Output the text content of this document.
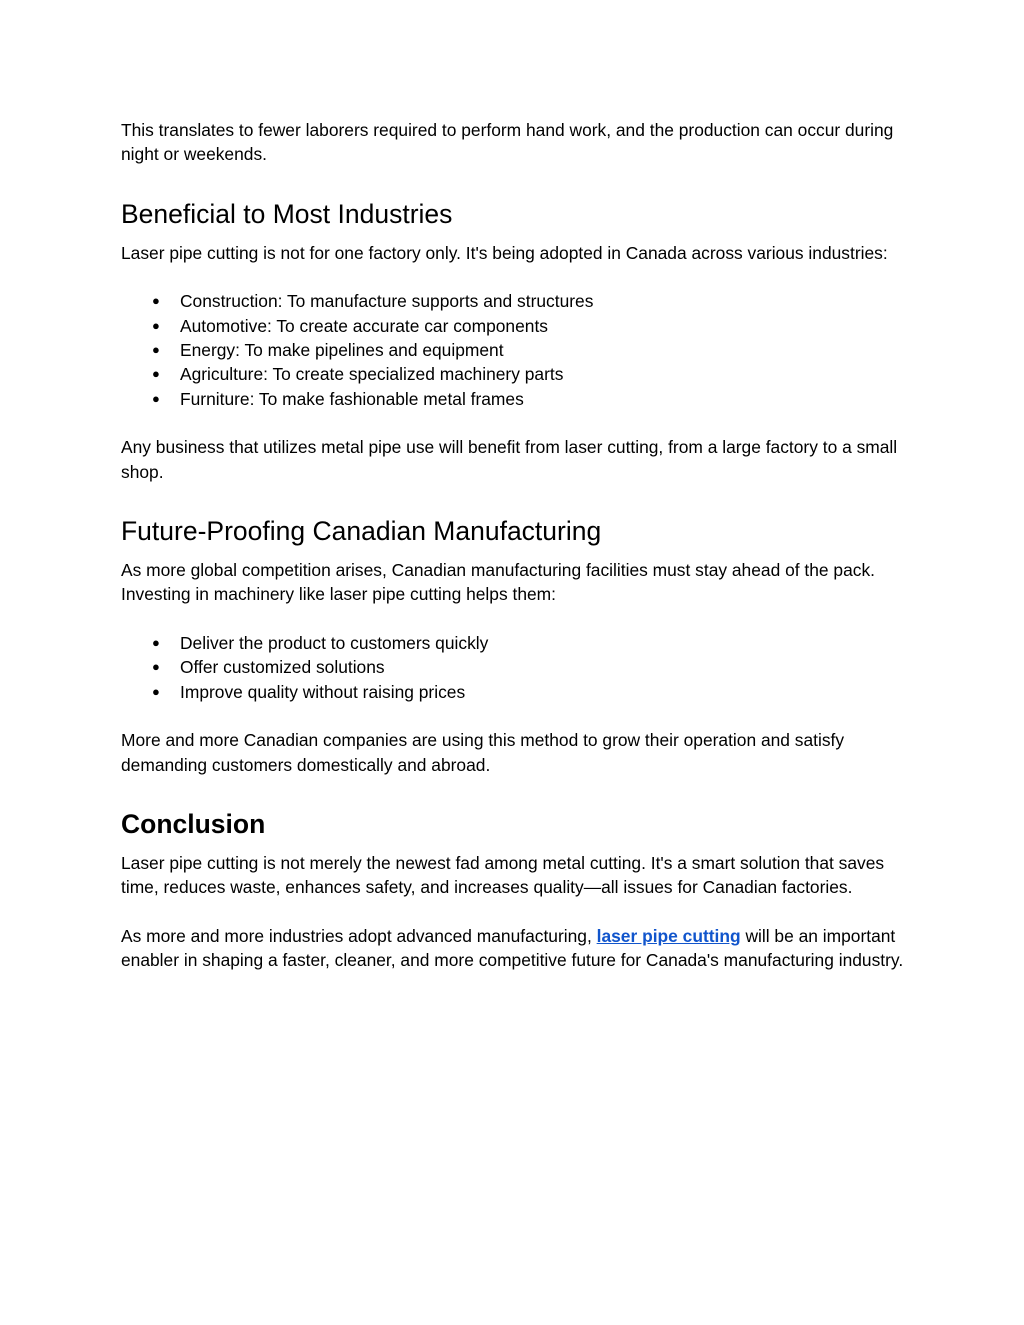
This translates to fewer laborers required to perform hand work, and the production can occur during night or weekends.

Beneficial to Most Industries

Laser pipe cutting is not for one factory only. It's being adopted in Canada across various industries:

● Construction: To manufacture supports and structures
● Automotive: To create accurate car components
● Energy: To make pipelines and equipment
● Agriculture: To create specialized machinery parts
● Furniture: To make fashionable metal frames

Any business that utilizes metal pipe use will benefit from laser cutting, from a large factory to a small shop.

Future-Proofing Canadian Manufacturing

As more global competition arises, Canadian manufacturing facilities must stay ahead of the pack. Investing in machinery like laser pipe cutting helps them:

● Deliver the product to customers quickly
● Offer customized solutions
● Improve quality without raising prices

More and more Canadian companies are using this method to grow their operation and satisfy demanding customers domestically and abroad.

Conclusion

Laser pipe cutting is not merely the newest fad among metal cutting. It's a smart solution that saves time, reduces waste, enhances safety, and increases quality—all issues for Canadian factories.

As more and more industries adopt advanced manufacturing, laser pipe cutting will be an important enabler in shaping a faster, cleaner, and more competitive future for Canada's manufacturing industry.
